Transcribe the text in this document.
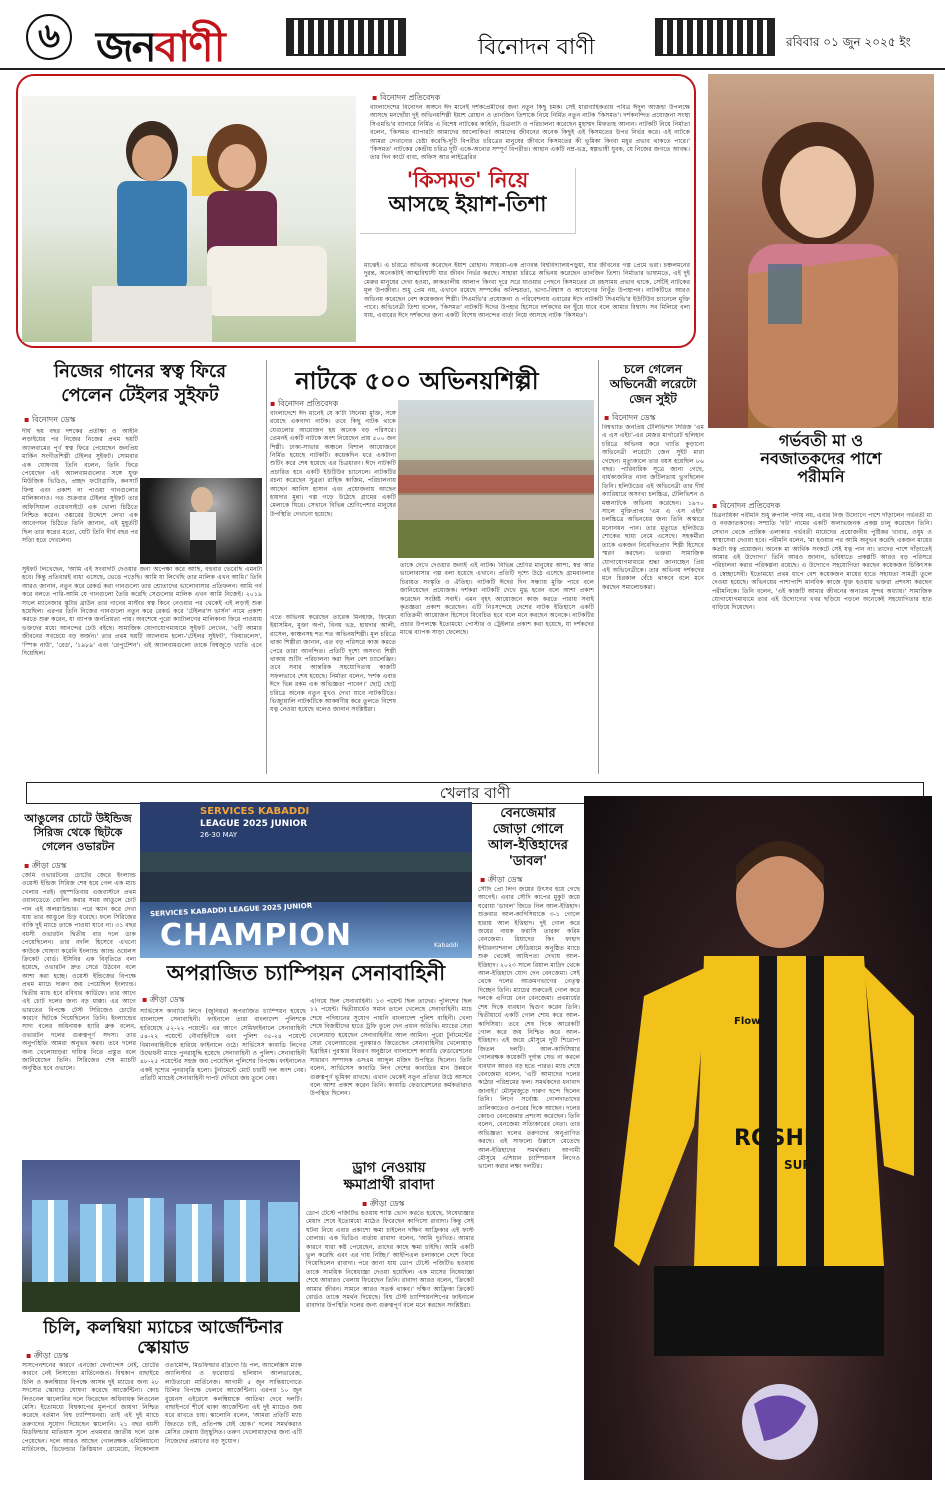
৬ জনবাণী	বিনোদন বাণী	রবিবার ০১ জুন ২০২৫ ইং
▪ বিনোদন প্রতিবেদক
বাংলাদেশের বিনোদন অঙ্গনে ঈদ মানেই দর্শকপ্রেমীদের জন্য নতুন কিছু চমক। সেই ধারাবাহিকতায় পবিত্র ঈদুল আজহা উপলক্ষে আসছে মনছোঁয়া দুই অভিনয়শিল্পী ইয়াশ রোহান ও তানজিন তিশাকে নিয়ে নির্মিত নতুন নাটক 'কিসমত'। দর্শকনন্দিত প্রযোজনা সংস্থা সিএমভি'র ব্যানারে নির্মিত এ বিশেষ নাটকের কাহিনি, চিত্রনাট্য ও পরিচালনা করেছেন মুহাম্মদ মিফতাহ আনান। নাটকটি নিয়ে নির্মাতা বলেন, 'কিসমত ব্যাপারটা আমাদের আলোকিত! আমাদের জীবনের অনেক কিছুই এই কিসমতের উপর নির্ভর করে। এই নাটকে আমরা দেখানোর চেষ্টা করেছি-দুটি বিপরীত চরিত্রের মানুষের জীবনে কিসমতের কী ভূমিকা কিংবা মধুর প্রভাব থাকতে পারে।' 'কিসমত' নাটকের কেন্দ্রীয় চরিত্র দুটি একে-অন্যের সম্পূর্ণ বিপরীত। আহান একটি নম্র-ভদ্র, স্বল্পভাষী যুবক, যে নিজের জগতে আবদ্ধ। তার দিন কাটে বাবা, অফিস আর লাইব্রেরির
'কিসমত' নিয়ে
আসছে ইয়াশ-তিশা
মাঝেই। এ চরিত্রে অভিনয় করেছেন ইয়াশ রোহান। সাহারা-এক প্রাণবন্ত বিশ্ববিদ্যালয়পড়ুয়া, যার জীবনের গল্প প্রেমে ভরা। চঞ্চলমনের দুরন্ত, অনেকটাই আত্মবিশ্বাসী যার জীবন নির্ভর করছে। সাহারা চরিত্রে অভিনয় করেছেন তানজিন তিশা। নির্মাতার ভাষ্যমতে, এই দুই মেরুর মানুষের দেখা হওয়া, কাকতালীয় আলাপ কিংবা দূরে সরে যাওয়ার পেছনে কিসমতের যে রহস্যময় প্রভাব থাকে, সেটিই নাটকের মূল উপজীব্য। শুধু প্রেম নয়, এখানে রয়েছে সম্পর্কের অনিশ্চয়তা, ভাগ্য-বিশ্বাস ও আবেগের নিখুঁত উপস্থাপন। নাটকটিতে আরও অভিনয় করেছেন বেশ কয়েকজন শিল্পী। সিএমভি'র প্রযোজনা ও পরিবেশনায় এবারের ঈদে নাটকটি সিএমভি'র ইউটিউব চ্যানেলে মুক্তি পাবে। অভিনেত্রী তিশা বলেন, 'কিসমত' নাটকটি ঈদের উপহার হিসেবে দর্শকদের মন ছুঁয়ে যাবে বলে আমার বিশ্বাস। সব মিলিয়ে বলা যায়, এবারের ঈদে দর্শকদের জন্য একটি বিশেষ আনন্দের বার্তা নিয়ে আসছে নাটক 'কিসমত'।
গর্ভবতী মা ও
নবজাতকদের পাশে
পরীমনি
▪ বিনোদন প্রতিবেদক
চিত্রনায়িকা পরীমনি শুধু রুপালি পর্দায় নয়, এবার নিজ উদ্যোগে পাশে দাঁড়ালেন গর্ভবতী মা ও নবজাতকদের। সম্প্রতি 'বউ' নামের একটি অলাভজনক প্রকল্প চালু করেছেন তিনি। সেখান থেকে প্রান্তিক এলাকার গর্ভবতী মায়েদের প্রয়োজনীয় পুষ্টিকর খাবার, ওষুধ ও স্বাস্থ্যসেবা দেওয়া হবে। পরীমনি বলেন, 'মা হওয়ার পর আমি অনুভব করেছি একজন মায়ের কতটা যত্ন প্রয়োজন। অনেক মা আর্থিক সংকটে সেই যত্ন পান না। তাদের পাশে দাঁড়াতেই আমার এই উদ্যোগ।' তিনি আরও জানান, ভবিষ্যতে প্রকল্পটি আরও বড় পরিসরে পরিচালনা করার পরিকল্পনা রয়েছে। এ উদ্যোগে সহযোগিতা করছেন কয়েকজন চিকিৎসক ও স্বেচ্ছাসেবী। ইতোমধ্যে প্রথম ধাপে বেশ কয়েকজন মায়ের হাতে সহায়তা সামগ্রী তুলে দেওয়া হয়েছে। অভিনয়ের পাশাপাশি মানবিক কাজে যুক্ত হওয়ায় ভক্তরা প্রশংসা করছেন পরীমনিকে। তিনি বলেন, 'এই কাজটি আমার জীবনের অন্যতম সুন্দর অধ্যায়।' সামাজিক যোগাযোগমাধ্যমে তার এই উদ্যোগের খবর ছড়িয়ে পড়লে অনেকেই সহযোগিতার হাত বাড়িয়ে দিয়েছেন।
নিজের গানের স্বত্ব ফিরে
পেলেন টেইলর সুইফট
▪ বিনোদন ডেস্ক
দীর্ঘ ছয় বছর দশকের প্রতীক্ষা ও আইনি লড়াইয়ের পর নিজের নিজের প্রথম ছয়টি অ্যালবামের পূর্ণ স্বত্ব ফিরে পেয়েছেন জনপ্রিয় মার্কিন সংগীতশিল্পী টেইলর সুইফট। সোমবার এক ঘোষণায় তিনি বলেন, তিনি ফিরে পেয়েছেন এই অ্যালবামগুলোর সঙ্গে যুক্ত মিউজিক ভিডিও, প্রচ্ছদ ফটোগ্রাফি, কনসার্ট ফিল্ম এবং প্রকাশ না পাওয়া গানগুলোর মালিকানাও। গত শুক্রবার টেইলর সুইফট তার অফিসিয়াল ওয়েবসাইটে এক খোলা চিঠিতে নিশ্চিত করেন। ওঙ্কারের উদ্দেশে লেখা এক আবেগঘন চিঠিতে তিনি জানান, এই মুহূর্তটি ছিল তার স্বপ্নের মতো, যেটি তিনি দীর্ঘ বছর পর সত্যি হতে দেখলেন।
সুইফট লিখেছেন, 'আমি এই সংবাদটি দেওয়ার জন্য অপেক্ষা করে আছি, বহুবার ভেবেছি এমনটা হবে। কিন্তু প্রতিবারই বাধা এসেছে, ভেঙে পড়েছি। আমি যা লিখেছি তার মালিক এখন আমি।' তিনি আরও জানান, নতুন করে রেকর্ড করা গানগুলো তার শ্রোতাদের ভালোবাসার প্রতিফলন। আমি গর্ব করে বলতে পারি-আমি যে গানগুলো তৈরি করেছি সেগুলোর মালিক এখন আমি নিজেই। ২০১৯ সালে ম্যানেজার স্কুটার ব্রাউন তার গানের মাস্টার স্বত্ব কিনে নেওয়ার পর থেকেই এই লড়াই শুরু হয়েছিল। এরপর তিনি নিজের গানগুলো নতুন করে রেকর্ড করে 'টেইলর'স ভার্সন' নামে প্রকাশ করতে শুরু করেন, যা ব্যাপক জনপ্রিয়তা পায়। অবশেষে পুরো ক্যাটালগের মালিকানা ফিরে পাওয়ায় ভক্তদের মধ্যে আনন্দের ঢেউ বইছে। সামাজিক যোগাযোগমাধ্যমে সুইফট লেখেন, 'এটি আমার জীবনের সবচেয়ে বড় অর্জন।' তার প্রথম ছয়টি অ্যালবাম হলো-'টেইলর সুইফট', 'ফিয়ারলেস', 'স্পিক নাউ', 'রেড', '১৯৮৯' এবং 'রেপুটেশন'। এই অ্যালবামগুলো তাকে বিশ্বজুড়ে খ্যাতি এনে দিয়েছিল।
নাটকে ৫০০ অভিনয়শিল্পী
▪ বিনোদন প্রতিবেদক
বাংলাদেশে ঈদ মানেই যে ক'টা সিনেমা মুক্তি, সঙ্গে রয়েছে একগাদা নাটক। তবে কিছু নাটক থাকে যেগুলোর আয়োজন হয় অনেক বড় পরিসরে। তেমনই একটি নাটকে অংশ নিয়েছেন প্রায় ৫০০ জন শিল্পী। ঢাকা-সাভার অঞ্চলে বিশাল আয়োজনে নির্মিত হয়েছে নাটকটি। কয়েকদিন ধরে একটানা শুটিং করে শেষ হয়েছে এর চিত্রধারণ। ঈদে নাটকটি প্রচারিত হবে একটি ইউটিউব চ্যানেলে। নাটকটির রচনা করেছেন সুব্রতা রাহিক কাজিম, পরিচালনায় আছেন আনিস হাসান এবং প্রযোজনায় আছেন হায়দার মুন্না। গল্প গড়ে উঠেছে গ্রামের একটি মেলাকে ঘিরে। সেখানে বিভিন্ন শ্রেণিপেশার মানুষের উপস্থিতি দেখানো হয়েছে।
এতে অভিনয় করেছেন তারেক মিনহাজ, ফিমেরা ইয়াসমিন, মুক্তা অর্পা, বিনয় ভদ্র, হায়দার আলী, রাসেল, কাঞ্চনসহ শত শত অভিনয়শিল্পী। মূল চরিত্রে থাকা শিল্পীরা জানান, এত বড় পরিসরে কাজ করতে পেরে তারা আনন্দিত। প্রতিটি দৃশ্যে অসংখ্য শিল্পী থাকায় শুটিং পরিচালনা করা ছিল বেশ চ্যালেঞ্জিং। তবে সবার আন্তরিক সহযোগিতায় কাজটি সফলভাবে শেষ হয়েছে। নির্মাতা বলেন, 'দর্শক এবার ঈদে ভিন্ন রকম এক অভিজ্ঞতা পাবেন।' ছোট্ট ছোট্ট চরিত্রে অনেক নতুন মুখও দেখা যাবে নাটকটিতে। ভিজ্যুয়ালি নাটকটিকে আকর্ষণীয় করে তুলতে বিশেষ যত্ন নেওয়া হয়েছে বলেও জানান সংশ্লিষ্টরা।
তাকে দেখে দেওয়ার জন্যই এই নাটক। বিভিন্ন শ্রেণির মানুষের আশা, স্বপ্ন আর ভালোবাসার গল্প বলা হয়েছে এখানে। প্রতিটি দৃশ্যে উঠে এসেছে গ্রামবাংলার চিরায়ত সংস্কৃতি ও ঐতিহ্য। নাটকটি ঈদের দিন সন্ধ্যায় মুক্তি পাবে বলে জানিয়েছেন প্রযোজক। দর্শকরা নাটকটি দেখে মুগ্ধ হবেন বলে আশা প্রকাশ করেছেন সংশ্লিষ্ট সবাই। এমন বৃহৎ আয়োজনে কাজ করতে পারায় সবাই কৃতজ্ঞতা প্রকাশ করেছেন। এটি নিঃসন্দেহে দেশের নাটক ইতিহাসে একটি ব্যতিক্রমী আয়োজন হিসেবে বিবেচিত হবে বলে মনে করছেন অনেকে। নাটকটির প্রচার উপলক্ষে ইতোমধ্যে পোস্টার ও ট্রেইলার প্রকাশ করা হয়েছে, যা দর্শকদের মাঝে ব্যাপক সাড়া ফেলেছে।
চলে গেলেন
অভিনেত্রী লরেটো
জেন সুইট
▪ বিনোদন ডেস্ক
বিশ্বখ্যাত জনপ্রিয় টেলিভিশন সিরিজ 'এম এ এস এইচ'-এর মেজর মার্গারেট হুলিহান চরিত্রে অভিনয় করে খ্যাতি কুড়ানো অভিনেত্রী লরেটো জেন সুইট মারা গেছেন। মৃত্যুকালে তার বয়স হয়েছিল ৮৬ বছর। পারিবারিক সূত্রে জানা গেছে, বার্ধক্যজনিত নানা জটিলতায় ভুগছিলেন তিনি। হলিউডের এই অভিনেত্রী তার দীর্ঘ ক্যারিয়ারে অসংখ্য চলচ্চিত্র, টেলিভিশন ও মঞ্চনাটকে অভিনয় করেছেন। ১৯৭০ সালে মুক্তিপ্রাপ্ত 'এম এ এস এইচ' চলচ্চিত্রে অভিনয়ের জন্য তিনি অস্কারে মনোনয়ন পান। তার মৃত্যুতে হলিউডে শোকের ছায়া নেমে এসেছে। সহকর্মীরা তাকে একজন নিবেদিতপ্রাণ শিল্পী হিসেবে স্মরণ করছেন। ভক্তরা সামাজিক যোগাযোগমাধ্যমে শ্রদ্ধা জানাচ্ছেন প্রিয় এই অভিনেত্রীকে। তার অভিনয় দর্শকদের মনে চিরকাল বেঁচে থাকবে বলে মনে করছেন সমালোচকরা।
খেলার বাণী
আঙুলের চোটে উইন্ডিজ
সিরিজ থেকে ছিটকে
গেলেন ওভারটন
▪ ক্রীড়া ডেস্ক
জেমি ওভারটনের চোটের জেরে ইংল্যান্ড ওয়েস্ট ইন্ডিজ সিরিজ শেষ হয়ে গেল এক ম্যাচ খেলার পরই। বৃহস্পতিবার এজবাস্টনে প্রথম ওয়ানডেতে বোলিং করার সময় আঙুলে চোট পান এই অলরাউন্ডার। পরে স্ক্যান করে দেখা যায় তার আঙুলে চিড় ধরেছে। ফলে সিরিজের বাকি দুই ম্যাচে তাকে পাওয়া যাবে না। ৩১ বছর বয়সী ওভারটন দ্বিতীয় বার দলে ডাক পেয়েছিলেন। তার বদলি হিসেবে এখনো কাউকে ঘোষণা করেনি ইংল্যান্ড অ্যান্ড ওয়েলস ক্রিকেট বোর্ড। ইসিবির এক বিবৃতিতে বলা হয়েছে, ওভারটন দ্রুত সেরে উঠবেন বলে আশা করা হচ্ছে। ওয়েস্ট ইন্ডিজের বিপক্ষে প্রথম ম্যাচে দারুণ জয় পেয়েছিল ইংল্যান্ড। দ্বিতীয় ম্যাচ হবে রবিবার কার্ডিফে। তার আগে এই চোট দলের জন্য বড় ধাক্কা। এর আগে ভারতের বিপক্ষে টেস্ট সিরিজেও চোটের কারণে ছিটকে গিয়েছিলেন তিনি। ইংল্যান্ডের সাদা বলের অধিনায়ক হ্যারি ব্রুক বলেন, ওভারটন দলের গুরুত্বপূর্ণ সদস্য। তার অনুপস্থিতি আমরা অনুভব করব। তবে দলের অন্য খেলোয়াড়রা দায়িত্ব নিতে প্রস্তুত বলে জানিয়েছেন তিনি। সিরিজের শেষ ম্যাচটি অনুষ্ঠিত হবে ওভালে।
SERVICES KABADDI
LEAGUE 2025 JUNIOR
26-30 MAY
SERVICES KABADDI LEAGUE 2025 JUNIOR
CHAMPION	Kabaddi
অপরাজিত চ্যাম্পিয়ন সেনাবাহিনী
▪ ক্রীড়া ডেস্ক
সার্ভিসেস কাবাডি লিগে (জুনিয়র) অপরাজিত চ্যাম্পিয়ন হয়েছে বাংলাদেশ সেনাবাহিনী। ফাইনালে তারা বাংলাদেশ পুলিশকে হারিয়েছে ৫২-২২ পয়েন্টে। এর আগে সেমিফাইনালে সেনাবাহিনী ৫৪-২২ পয়েন্টে নৌবাহিনীকে এবং পুলিশ ৩৫-২৪ পয়েন্টে বিমানবাহিনীকে হারিয়ে ফাইনালে ওঠে। সার্ভিসেস কাবাডি লিগের উদ্বোধনী ম্যাচে পুনরায়ুদ্ধি হয়েছে সেনাবাহিনী ও পুলিশ। সেনাবাহিনী ৪৮-২৫ পয়েন্টের সহজ জয় পেয়েছিল পুলিশের বিপক্ষে। ফাইনালেও একই দৃশ্যের পুনরাবৃত্তি হলো। টুর্নামেন্টে মোট চারটি দল অংশ নেয়। প্রতিটি ম্যাচেই সেনাবাহিনী দাপট দেখিয়ে জয় তুলে নেয়।
এগিয়ে ছিল সেনাবাহিনী। ১৩ পয়েন্ট ছিল তাদের। পুলিশের ছিল ১২ পয়েন্ট। দ্বিতীয়ার্ধেও সমান তালে খেলেছে সেনাবাহিনী। ম্যাচ শেষে পদিযানের সুযোগ পায়নি বাংলাদেশ পুলিশ বাহিনী। খেলা শেষে বিজয়ীদের হাতে ট্রফি তুলে দেন প্রধান অতিথি। ম্যাচের সেরা খেলোয়াড় হয়েছেন সেনাবাহিনীর আল আমিন। পুরো টুর্নামেন্টের সেরা খেলোয়াড়ের পুরস্কারও জিতেছেন সেনাবাহিনীর খেলোয়াড় ইব্রাহিম। পুরস্কার বিতরণ অনুষ্ঠানে বাংলাদেশ কাবাডি ফেডারেশনের সাধারণ সম্পাদক এসএম আব্দুল মজিদ উপস্থিত ছিলেন। তিনি বলেন, সার্ভিসেস কাবাডি লিগ দেশের কাবাডির মান উন্নয়নে গুরুত্বপূর্ণ ভূমিকা রাখছে। এখান থেকেই নতুন প্রতিভা উঠে আসবে বলে আশা প্রকাশ করেন তিনি। কাবাডি ফেডারেশনের কর্মকর্তারাও উপস্থিত ছিলেন।
বেনজেমার
জোড়া গোলে
আল-ইত্তিহাদের
'ডাবল'
▪ ক্রীড়া ডেস্ক
সৌদি প্রো লিগ জয়ের উৎসব হয়ে গেছে আগেই। এবার সৌদি কাপের মুকুট জয়ে ঘরোয়া 'ডাবল' জিতে নিল আল-ইত্তিহাদ। শুক্রবার আল-কাদিসিয়াকে ৩-১ গোলে হারায় আল ইত্তিহাদ। দুই গোল করে জয়ের নায়ক ফরাসি তারকা করিম বেনজেমা। রিয়াদের কিং ফাহাদ ইন্টারন্যাশনাল স্টেডিয়ামে অনুষ্ঠিত ম্যাচে শুরু থেকেই আধিপত্য দেখায় আল-ইত্তিহাদ। ২০২৩ সালে রিয়াল মাদ্রিদ থেকে আল-ইত্তিহাদে যোগ দেন বেনজেমা। সেই থেকে দলের আক্রমণভাগের নেতৃত্ব দিচ্ছেন তিনি। ম্যাচের শুরুতেই গোল করে দলকে এগিয়ে নেন বেনজেমা। প্রথমার্ধের শেষ দিকে ব্যবধান দ্বিগুণ করেন তিনি। দ্বিতীয়ার্ধে একটি গোল শোধ করে আল-কাদিসিয়া। তবে শেষ দিকে আরেকটি গোল করে জয় নিশ্চিত করে আল-ইত্তিহাদ। এই জয়ে মৌসুমে দুটি শিরোপা জিতল দলটি। আল-কাদিসিয়ার গোলরক্ষক কয়েকটি দুর্দান্ত সেভ না করলে ব্যবধান আরও বড় হতে পারত। ম্যাচ শেষে বেনজেমা বলেন, 'এটি আমাদের দলের কঠোর পরিশ্রমের ফল। সমর্থকদের ধন্যবাদ জানাই।' মৌসুমজুড়ে দারুণ ছন্দে ছিলেন তিনি। লিগে সর্বোচ্চ গোলদাতাদের তালিকাতেও ওপরের দিকে আছেন। দলের কোচও বেনজেমার প্রশংসা করেছেন। তিনি বলেন, বেনজেমা সত্যিকারের নেতা। তার অভিজ্ঞতা দলের তরুণদের অনুপ্রাণিত করছে। এই সাফল্যে উল্লাসে মেতেছে আল-ইত্তিহাদের সমর্থকরা। আগামী মৌসুমে এশিয়ান চ্যাম্পিয়নস লিগেও ভালো করার লক্ষ্য দলটির।
ROSHN
SURJ
Flow
ড্রাগ নেওয়ায়
ক্ষমাপ্রার্থী রাবাদা
▪ ক্রীড়া ডেস্ক
ডোপ টেস্টে পজিটিভ হওয়ায় শাস্তি ভোগ করতে হয়েছে, নিষেধাজ্ঞার মেয়াদ শেষে ইতোমধ্যে মাঠেও ফিরেছেন কাগিসো রাবাদা। কিন্তু সেই ঘটনা নিয়ে এবার প্রকাশ্যে ক্ষমা চাইলেন দক্ষিণ আফ্রিকার এই ফাস্ট বোলার। এক ভিডিও বার্তায় রাবাদা বলেন, 'আমি দুঃখিত। আমার কারণে যারা কষ্ট পেয়েছেন, তাদের কাছে ক্ষমা চাইছি। আমি একটি ভুল করেছি এবং এর দায় নিচ্ছি।' আইপিএল চলাকালে দেশে ফিরে গিয়েছিলেন রাবাদা। পরে জানা যায় ডোপ টেস্টে পজিটিভ হওয়ায় তাকে সাময়িক নিষেধাজ্ঞা দেওয়া হয়েছিল। এক মাসের নিষেধাজ্ঞা শেষে আবারও খেলায় ফিরেছেন তিনি। রাবাদা আরও বলেন, 'ক্রিকেট আমার জীবন। সামনে আরও সতর্ক থাকব।' দক্ষিণ আফ্রিকা ক্রিকেট বোর্ডও তাকে সমর্থন দিয়েছে। বিশ্ব টেস্ট চ্যাম্পিয়নশিপের ফাইনালে রাবাদার উপস্থিতি দলের জন্য গুরুত্বপূর্ণ বলে মনে করছেন সংশ্লিষ্টরা।
চিলি, কলম্বিয়া ম্যাচের আর্জেন্টিনার স্কোয়াড
▪ ক্রীড়া ডেস্ক
সাসপেনশনের কারণে এনজো ফের্নান্দেস নেই, চোটের কারণে নেই লিসান্দ্রো মার্তিনেজও। বিশ্বকাপ বাছাইয়ে চিলি ও কলম্বিয়ার বিপক্ষে আসন্ন দুই ম্যাচের জন্য ২৮ সদস্যের স্কোয়াড ঘোষণা করেছে আর্জেন্টিনা। কোচ লিওনেল স্কালোনির দলে ফিরেছেন অধিনায়ক লিওনেল মেসি। ইতোমধ্যে বিশ্বকাপের মূলপর্বে জায়গা নিশ্চিত করেছে বর্তমান বিশ্ব চ্যাম্পিয়নরা। তাই এই দুই ম্যাচে তরুণদের সুযোগ দিয়েছেন স্কালোনি। ২১ বছর বয়সী মিডফিল্ডার মাতিয়াস সুলে প্রথমবার জাতীয় দলে ডাক পেয়েছেন। দলে আরও আছেন গোলরক্ষক এমিলিয়ানো মার্তিনেজ, ডিফেন্ডার ক্রিস্তিয়ান রোমেরো, নিকোলাস ওতামেন্দি, মিডফিল্ডার রদ্রিগো ডি পল, অ্যালেক্সিস ম্যাক অ্যালিস্টার ও ফরোয়ার্ড হুলিয়ান আলভারেজ, লাউতারো মার্তিনেজ। আগামী ৫ জুন সান্তিয়াগোতে চিলির বিপক্ষে খেলবে আর্জেন্টিনা। এরপর ১০ জুন বুয়েনস এইরেসে কলম্বিয়াকে আতিথ্য দেবে দলটি। বাছাইপর্বে শীর্ষে থাকা আর্জেন্টিনা এই দুই ম্যাচেও জয় ধরে রাখতে চায়। স্কালোনি বলেন, 'আমরা প্রতিটি ম্যাচ জিততে চাই, প্রতিপক্ষ যেই হোক।' দলের সমর্থকরাও মেসির ফেরায় উচ্ছ্বসিত। তরুণ খেলোয়াড়দের জন্য এটি নিজেদের প্রমাণের বড় সুযোগ।
